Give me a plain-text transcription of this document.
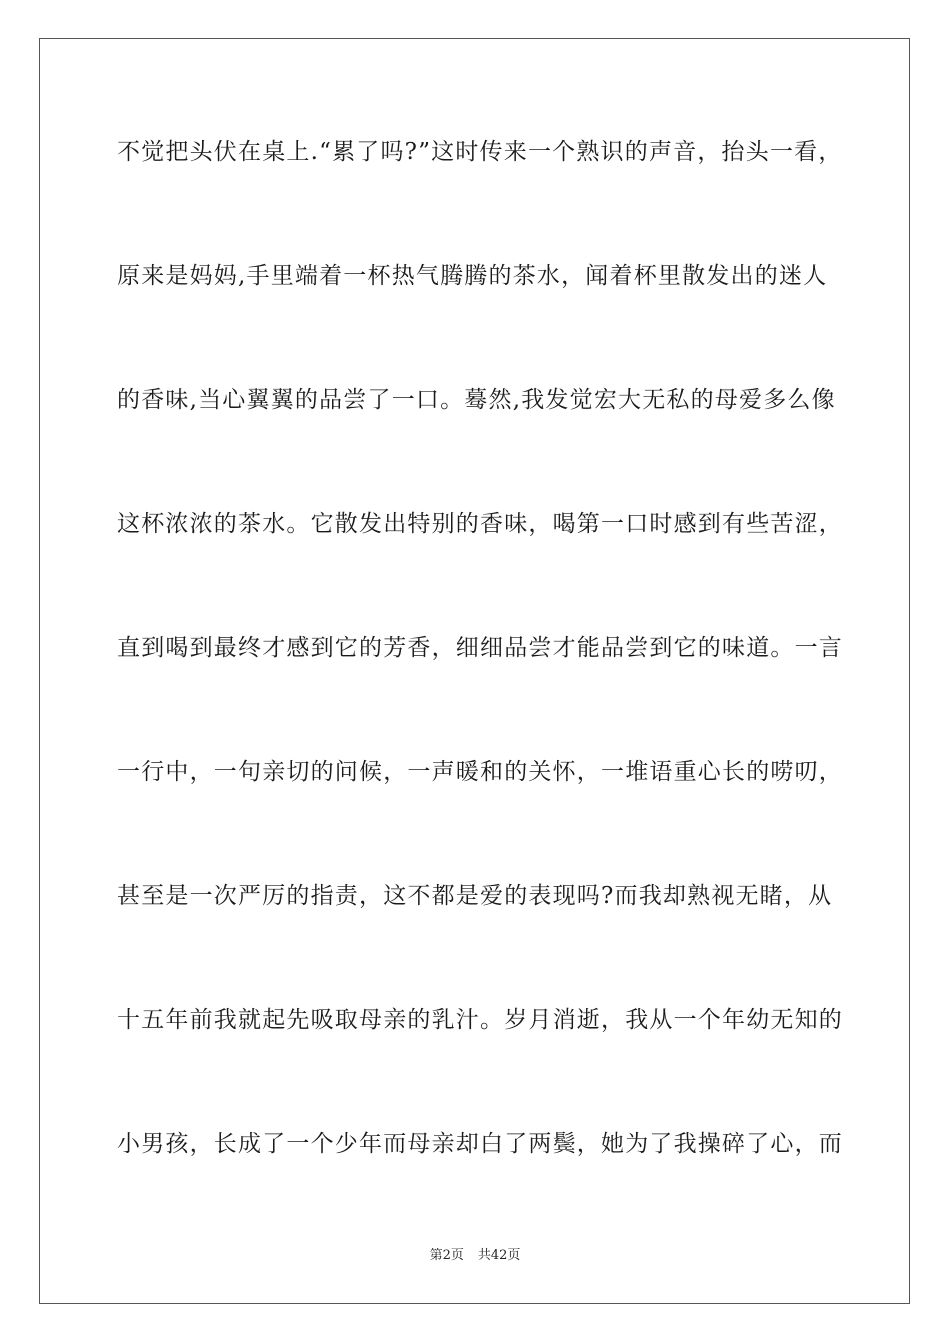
不觉把头伏在桌上.“累了吗?”这时传来一个熟识的声音，抬头一看，
原来是妈妈,手里端着一杯热气腾腾的茶水，闻着杯里散发出的迷人
的香味,当心翼翼的品尝了一口。蓦然,我发觉宏大无私的母爱多么像
这杯浓浓的茶水。它散发出特别的香味，喝第一口时感到有些苦涩，
直到喝到最终才感到它的芳香，细细品尝才能品尝到它的味道。一言
一行中，一句亲切的问候，一声暖和的关怀，一堆语重心长的唠叨，
甚至是一次严厉的指责，这不都是爱的表现吗?而我却熟视无睹，从
十五年前我就起先吸取母亲的乳汁。岁月消逝，我从一个年幼无知的
小男孩，长成了一个少年而母亲却白了两鬓，她为了我操碎了心，而
第2页 共42页
